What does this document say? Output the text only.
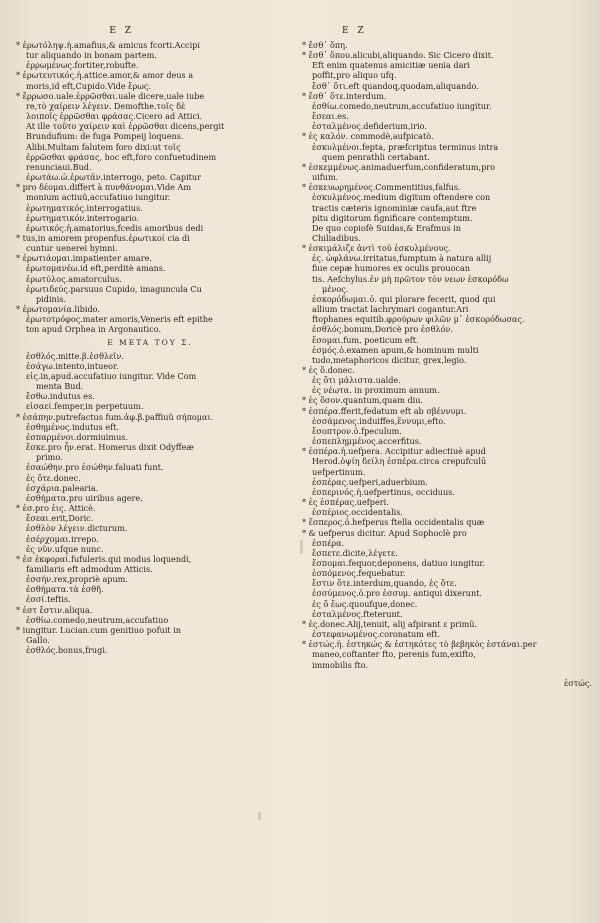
E Z
* ἐρωτόληψ.ἡ.amafius,& amicus fcorti.Accipi
tur aliquando in bonam partem.
ἐρρωμένως.fortiter,robufte.
* ἐρωτευτικός.ἡ.attice.amor,& amor deus a
moris,id eft,Cupido.Vide ἔρως.
* ἔρρωσο.uale.ἐρρῶσθαι.uale dicere,uale iube
re,τὸ χαίρειν λέγειν. Demofthe.τοῖς δὲ
λοιποῖς ἐρρῶσθαι φράσας.Cicero ad Attici.
At ille τοῦτο χαίρειν καὶ ἐρρῶσθαι dicens,pergit
Brundufium: de fuga Pompeij loquens.
Alibi.Multam falutem foro dixi:ut τοῖς
ἐρρῶσθαι φράσας, hoc eft,foro confuetudinem
renunciaui.Bud.
ἐρωτάω.ὠ.ἐρωτᾶν.interrogo, peto. Capitur
* pro δέομαι.differt à πυνθάνομαι.Vide Am
monium actiuũ,accufatiuo iungitur.
ἐρωτηματικός.interrogatius.
ἐρωτηματικόν.interrogario.
ἐρωτικός.ἡ.amatorius,fcedis amoribus dedi
* tus,in amorem propenfus.ἐρωτικοί cia di
cuntur uenerei hymni.
* ἐρωτιάομαι.impatienter amare.
ἐρωτομανέω.id eft,perditè amans.
ἐρωτύλος.amatorculus.
ἐρωτιδεύς.parsuus Cupido, imaguncula Cu
pidinis.
* ἐρωτομανία.libido.
ἐρωτοτρόφος.mater amoris,Veneris eft epithe
ton apud Orphea in Argonautico.
E META TOY Σ.
ἐσθλός.mitte.β.ἐσθλεῖν.
ἐσάγω.intento,intueor.
εἰς.in,apud.accufatiuo iungitur. Vide Com
menta Bud.
ἔσθω.indutus es.
εἰσαεί.femper,in perpetuum.
* ἐσάπην.putrefactus fum.ἀφ.β.paffiuũ σήπομαι.
ἐσθημένος.indutus eft.
ἐσπαρμένοι.dormiuimus.
ἔσκε.pro ἦν.erat. Homerus dixit Odyffeæ
primo.
ἐσαώθην.pro ἐσώθην.faluati funt.
ἐς ὅτε.donec.
ἐσχάρια.palearia.
ἐσθήματα.pro uiribus agere.
* ἐσ.pro ἐις. Atticè.
ἔσεαι.erit,Doric.
ἐσθλὸν λέγειν.dicturum.
ἐσέρχομαι.irrepo.
ἐς νῦν.ufque nunc.
* ἐσ ἐκφοραί.fufuleris.qui modus loquendi,
familiaris eft admodum Atticis.
ἐσσήν.rex,propriè apum.
ἐσθήματα.τὰ ἐσθῆ.
ἐσσί.teftis.
* ἐστ ἔστιν.aliqua.
ἐσθίω.comedo,neutrum,accufatiuo
* iungitur. Lucian.cum genitiuo pofuit in
Gallo.
ἐσθλός.bonus,frugi.
E Z
* ἔσθ᾿ ὅπη.
* ἔσθ᾿ ὅπου.alicubi,aliquando. Sic Cicero dixit.
Eft enim quatenus amicitiæ uenia dari
poffit,pro aliquo ufq.
ἔσθ᾿ ὅτι.eft quandoq,quodam,aliquando.
* ἔσθ᾿ ὅτε.interdum.
ἐσθίω.comedo,neutrum,accufatiuo iungitur.
ἔσεαι.es.
ἐσταλμένος.defiderium,irio.
* ἐς καλόν. commodè,aufpicatò.
ἐσκυλμένοι.fepta, præfcriptus terminus intra
quem penrathli certabant.
* ἐσκεμμένως.animaduerfum,confideratum,pro
uifum.
* ἐσκευωρημένος.Commentitius,falfus.
ἐσκυλμένος.medium digitum oftendere con
tractis cæteris ignominiæ caufa,aut ftre
pitu digitorum fignificare contemptum.
De quo copiofè Suidas,& Erafmus in
Chiliadibus.
* ἐσκιμάλιζε ἀντὶ τοῦ ἐσκυλμένους.
ἐς. ὠφλάνω.irritatus,fumptum à natura allij
fiue cepæ humores ex oculis prouocan
tis. Aefchylus.ἐν μὴ πρῶτον τὸν νεων ἐσκορόδω
μένος.
ἐσκορόδωμαι.ὁ. qui plorare fecerit, quod qui
allium tractat lachrymari cogantur.Ari
ftophanes equitib.φρούρων φιλῶν μ᾿ ἐσκορόδωσας.
ἐσθλός.bonum,Doricè pro ἐσθλόν.
ἔσομαι.fum, poeticum eft.
ἑσμός.ὁ.examen apum,& hominum multi
tudo,metaphoricos dicitur, grex,legio.
* ἐς ὅ.donec.
ἐς ὅτι μάλιστα.ualde.
ἐς νέωτα. in proximum annum.
* ἐς ὅσον.quantum,quam diu.
* ἐσπέρα.fferit,fedatum eft ab σβέννυμι.
ἐσσάμενος.induiffes,ἕννυμι,efto.
ἔσοπτρον.ὁ.fpeculum.
ἐσπεπλημμένος.accerfitus.
* ἑσπέρα.ἡ.uefpera. Accipitur adiectiuè apud
Herod.ὁψίη δείλη ἑσπέρα.circa crepufculū
uefpertinum.
ἑσπέρας.uefperi,aduerbium.
ἑσπερινός.ἡ.uefpertinus, occiduus.
* ἐς ἑσπέρας.uefperi.
ἑσπέριος.occidentalis.
* ἕσπερος.ὁ.hefperus ftella occidentalis quæ
* & uefperus dicitur. Apud Sophoclè pro
ἑσπέρα.
ἔσπετε.dicite,λέγετε.
ἕσπομαι.fequor,deponens, datiuo iungitur.
ἑσπόμενος.fequebatur.
ἔστιν ὅτε.interdum,quando, ἐς ὅτε.
ἐσσύμενος.ὁ.pro ἐσσυμ. antiqui dixerunt.
ἐς ὅ ἕως.quoufque,donec.
ἐσταλμένος.fteterunt.
* ἐς.donec.Alij,tenuit, alij afpirant ε primũ.
ἐστεφανωμένος.coronatum eft.
* ἑστώς.ἡ. ἑστηκώς & ἑστηκότες τὸ βεβηκὸς ἑστάναι.per
maneo,coftanter fto, perenis fum,exifto,
immobilis fto.
ἑστώς.
